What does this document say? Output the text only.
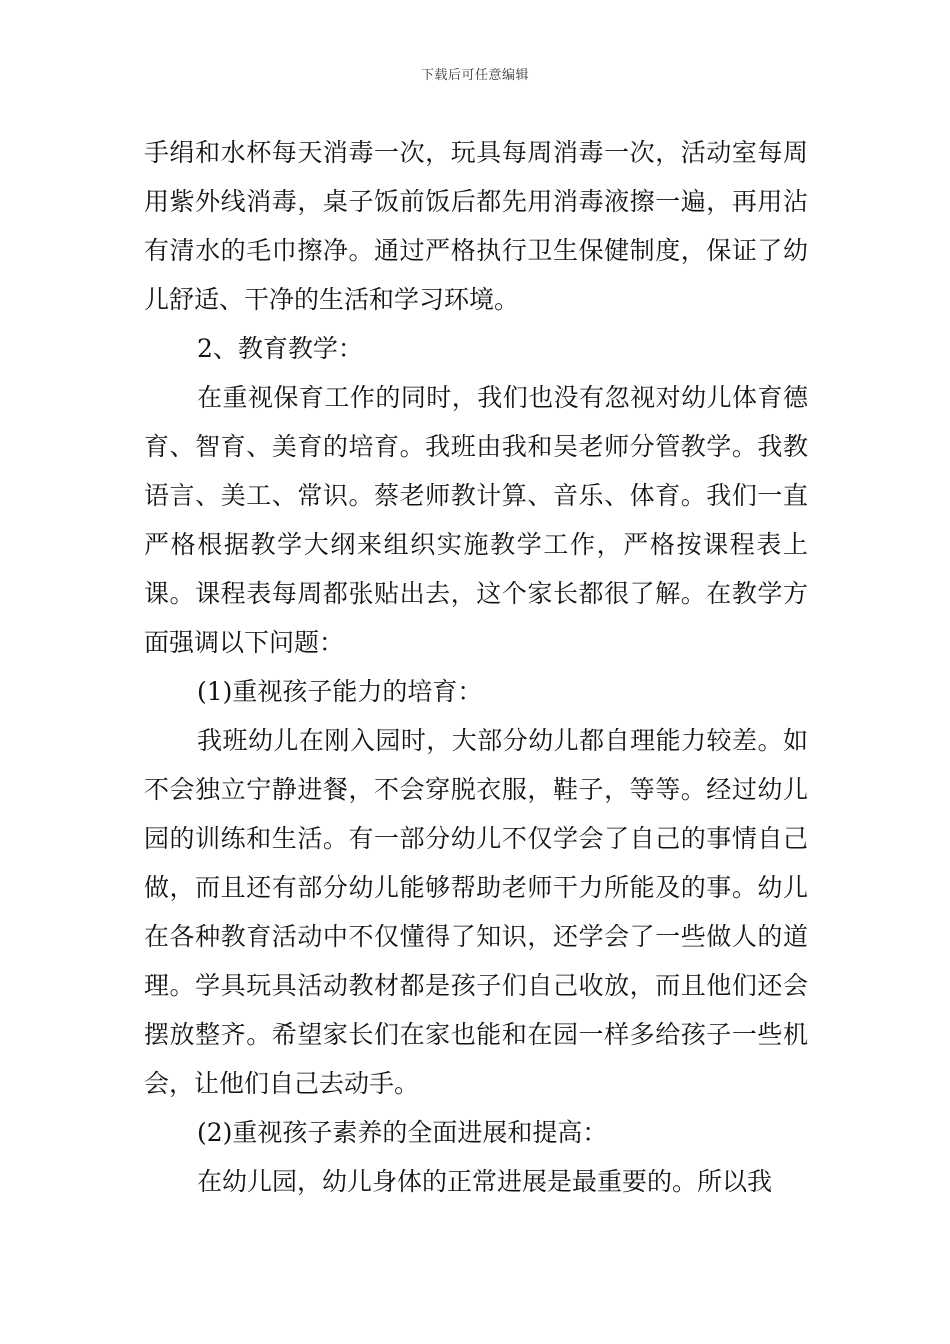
下载后可任意编辑

手绢和水杯每天消毒一次，玩具每周消毒一次，活动室每周用紫外线消毒，桌子饭前饭后都先用消毒液擦一遍，再用沾有清水的毛巾擦净。通过严格执行卫生保健制度，保证了幼儿舒适、干净的生活和学习环境。

2、教育教学：

在重视保育工作的同时，我们也没有忽视对幼儿体育德育、智育、美育的培育。我班由我和吴老师分管教学。我教语言、美工、常识。蔡老师教计算、音乐、体育。我们一直严格根据教学大纲来组织实施教学工作，严格按课程表上课。课程表每周都张贴出去，这个家长都很了解。在教学方面强调以下问题：

(1)重视孩子能力的培育：

我班幼儿在刚入园时，大部分幼儿都自理能力较差。如不会独立宁静进餐，不会穿脱衣服，鞋子，等等。经过幼儿园的训练和生活。有一部分幼儿不仅学会了自己的事情自己做，而且还有部分幼儿能够帮助老师干力所能及的事。幼儿在各种教育活动中不仅懂得了知识，还学会了一些做人的道理。学具玩具活动教材都是孩子们自己收放，而且他们还会摆放整齐。希望家长们在家也能和在园一样多给孩子一些机会，让他们自己去动手。

(2)重视孩子素养的全面进展和提高：

在幼儿园，幼儿身体的正常进展是最重要的。所以我
